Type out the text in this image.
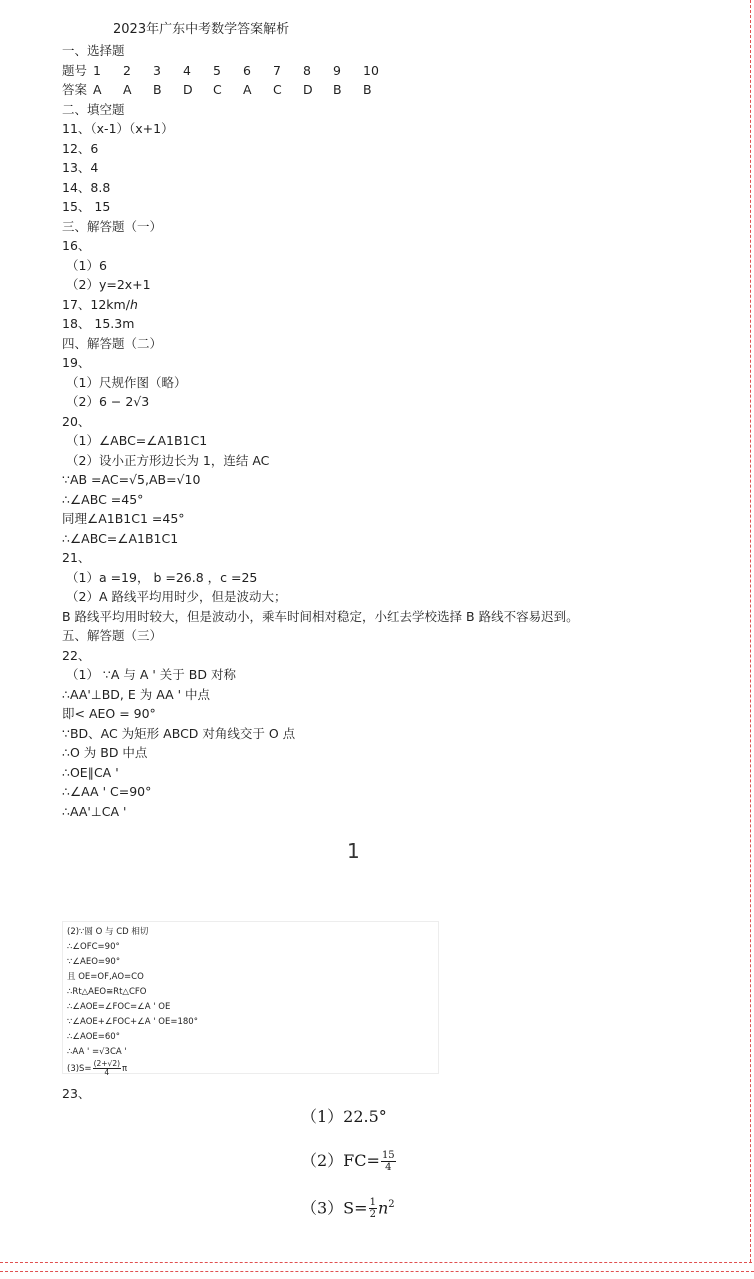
2023年广东中考数学答案解析
一、选择题
题号 1	2	3	4	5	6	7	8	9	10
答案 A	A	B	D	C	A	C	D	B	B
二、填空题
11、（x-1）（x+1）
12、6
13、4
14、8.8
15、 15
三、解答题（一）
16、
（1）6
（2）y=2x+1
17、12km/ℎ
18、 15.3m
四、解答题（二）
19、
（1）尺规作图（略）
（2）6 − 2√3
20、
（1）∠ABC=∠A1B1C1
（2）设小正方形边长为 1，连结 AC
∵AB =AC=√5,AB=√10
∴∠ABC =45°
同理∠A1B1C1 =45°
∴∠ABC=∠A1B1C1
21、
（1）a =19， b =26.8 ，c =25
（2）A 路线平均用时少，但是波动大；
B 路线平均用时较大，但是波动小，乘车时间相对稳定，小红去学校选择 B 路线不容易迟到。
五、解答题（三）
22、
（1） ∵A 与 A ' 关于 BD 对称
∴AA'⊥BD, E 为 AA ' 中点
即< AEO = 90°
∵BD、AC 为矩形 ABCD 对角线交于 O 点
∴O 为 BD 中点
∴OE∥CA '
∴∠AA ' C=90°
∴AA'⊥CA '
1
(2)∵圆 O 与 CD 相切
∴∠OFC=90°
∵∠AEO=90°
且 OE=OF,AO=CO
∴Rt△AEO≅Rt△CFO
∴∠AOE=∠FOC=∠A ' OE
∵∠AOE+∠FOC+∠A ' OE=180°
∴∠AOE=60°
∴AA ' =√3CA '
$(3)S= \frac{(2+√2)}{4}$ π
23、
（1）22.5°
$(2)FC= \frac{15}{4}$
$(3)S= \frac{1}{2} n^2$
